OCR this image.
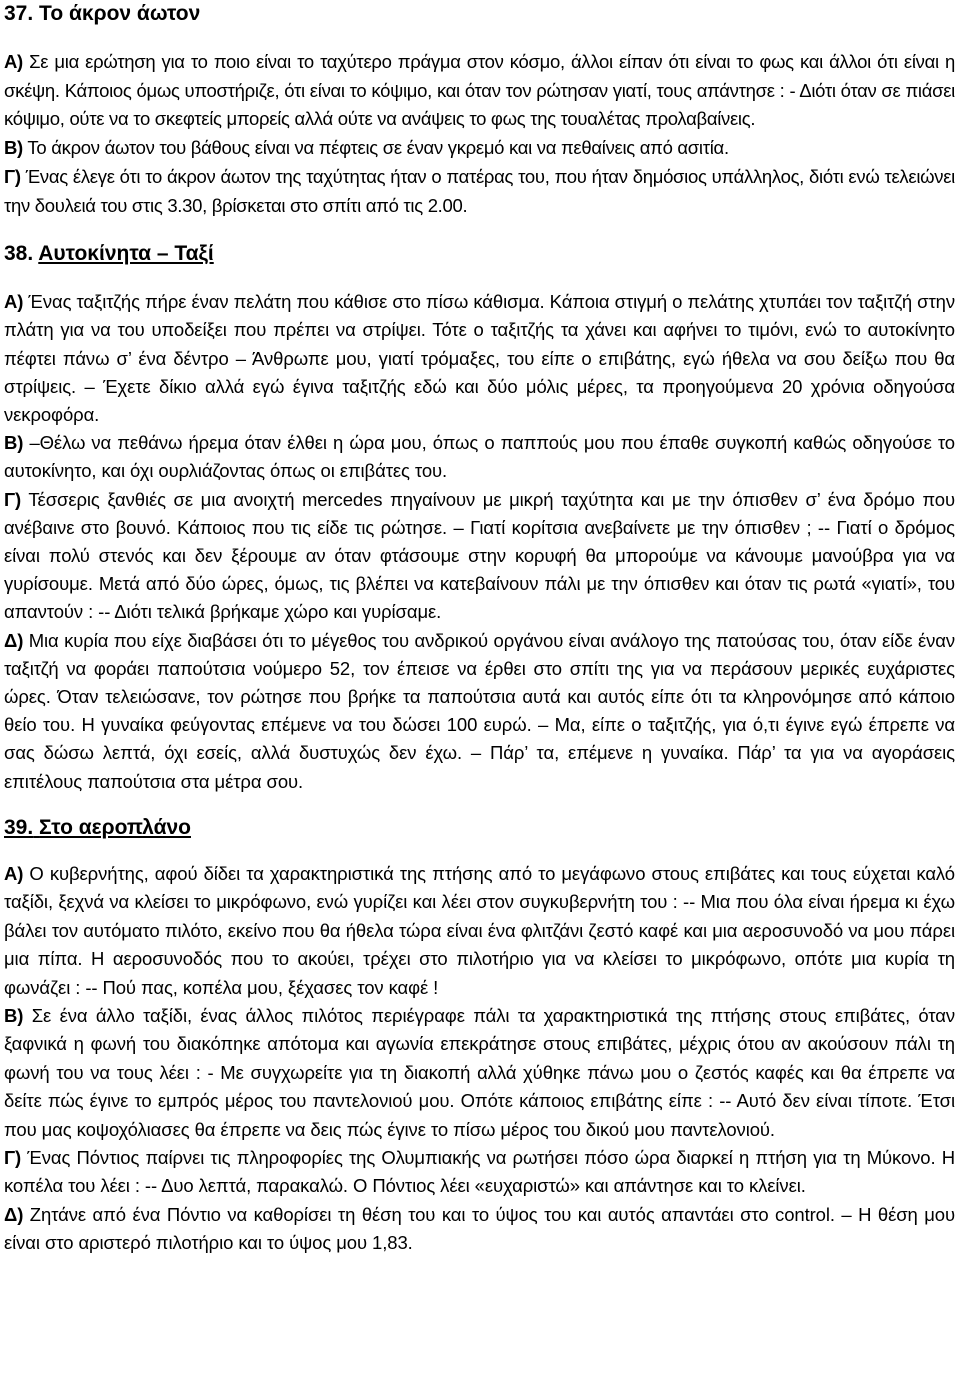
37. Το άκρον άωτον

Α) Σε μια ερώτηση για το ποιο είναι το ταχύτερο πράγμα στον κόσμο, άλλοι είπαν ότι είναι το φως και άλλοι ότι είναι η σκέψη. Κάποιος όμως υποστήριζε, ότι είναι το κόψιμο, και όταν τον ρώτησαν γιατί, τους απάντησε : - Διότι όταν σε πιάσει κόψιμο, ούτε να το σκεφτείς μπορείς αλλά ούτε να ανάψεις το φως της τουαλέτας προλαβαίνεις.

Β) Το άκρον άωτον του βάθους είναι να πέφτεις σε έναν γκρεμό και να πεθαίνεις από ασιτία.

Γ) Ένας έλεγε ότι το άκρον άωτον της ταχύτητας ήταν ο πατέρας του, που ήταν δημόσιος υπάλληλος, διότι ενώ τελειώνει την δουλειά του στις 3.30, βρίσκεται στο σπίτι από τις 2.00.

38. Αυτοκίνητα – Ταξί

Α) Ένας ταξιτζής πήρε έναν πελάτη που κάθισε στο πίσω κάθισμα. Κάποια στιγμή ο πελάτης χτυπάει τον ταξιτζή στην πλάτη για να του υποδείξει που πρέπει να στρίψει. Τότε ο ταξιτζής τα χάνει και αφήνει το τιμόνι, ενώ το αυτοκίνητο πέφτει πάνω σ’ ένα δέντρο – Άνθρωπε μου, γιατί τρόμαξες, του είπε ο επιβάτης, εγώ ήθελα να σου δείξω που θα στρίψεις. – Έχετε δίκιο αλλά εγώ έγινα ταξιτζής εδώ και δύο μόλις μέρες, τα προηγούμενα 20 χρόνια οδηγούσα νεκροφόρα.

Β) –Θέλω να πεθάνω ήρεμα όταν έλθει η ώρα μου, όπως ο παππούς μου που έπαθε συγκοπή καθώς οδηγούσε το αυτοκίνητο, και όχι ουρλιάζοντας όπως οι επιβάτες του.

Γ) Τέσσερις ξανθιές σε μια ανοιχτή mercedes πηγαίνουν με μικρή ταχύτητα και με την όπισθεν σ’ ένα δρόμο που ανέβαινε στο βουνό. Κάποιος που τις είδε τις ρώτησε. – Γιατί κορίτσια ανεβαίνετε με την όπισθεν ; -- Γιατί ο δρόμος είναι πολύ στενός και δεν ξέρουμε αν όταν φτάσουμε στην κορυφή θα μπορούμε να κάνουμε μανούβρα για να γυρίσουμε. Μετά από δύο ώρες, όμως, τις βλέπει να κατεβαίνουν πάλι με την όπισθεν και όταν τις ρωτά «γιατί», του απαντούν : -- Διότι τελικά βρήκαμε χώρο και γυρίσαμε.

Δ) Μια κυρία που είχε διαβάσει ότι το μέγεθος του ανδρικού οργάνου είναι ανάλογο της πατούσας του, όταν είδε έναν ταξιτζή να φοράει παπούτσια νούμερο 52, τον έπεισε να έρθει στο σπίτι της για να περάσουν μερικές ευχάριστες ώρες. Όταν τελειώσανε, τον ρώτησε που βρήκε τα παπούτσια αυτά και αυτός είπε ότι τα κληρονόμησε από κάποιο θείο του. Η γυναίκα φεύγοντας επέμενε να του δώσει 100 ευρώ. – Μα, είπε ο ταξιτζής, για ό,τι έγινε εγώ έπρεπε να σας δώσω λεπτά, όχι εσείς, αλλά δυστυχώς δεν έχω. – Πάρ’ τα, επέμενε η γυναίκα. Πάρ’ τα για να αγοράσεις επιτέλους παπούτσια στα μέτρα σου.

39. Στο αεροπλάνο

Α) Ο κυβερνήτης, αφού δίδει τα χαρακτηριστικά της πτήσης από το μεγάφωνο στους επιβάτες και τους εύχεται καλό ταξίδι, ξεχνά να κλείσει το μικρόφωνο, ενώ γυρίζει και λέει στον συγκυβερνήτη του : -- Μια που όλα είναι ήρεμα κι έχω βάλει τον αυτόματο πιλότο, εκείνο που θα ήθελα τώρα είναι ένα φλιτζάνι ζεστό καφέ και μια αεροσυνοδό να μου πάρει μια πίπα. Η αεροσυνοδός που το ακούει, τρέχει στο πιλοτήριο για να κλείσει το μικρόφωνο, οπότε μια κυρία τη φωνάζει : -- Πού πας, κοπέλα μου, ξέχασες τον καφέ !

Β) Σε ένα άλλο ταξίδι, ένας άλλος πιλότος περιέγραφε πάλι τα χαρακτηριστικά της πτήσης στους επιβάτες, όταν ξαφνικά η φωνή του διακόπηκε απότομα και αγωνία επεκράτησε στους επιβάτες, μέχρις ότου αν ακούσουν πάλι τη φωνή του να τους λέει : - Με συγχωρείτε για τη διακοπή αλλά χύθηκε πάνω μου ο ζεστός καφές και θα έπρεπε να δείτε πώς έγινε το εμπρός μέρος του παντελονιού μου. Οπότε κάποιος επιβάτης είπε : -- Αυτό δεν είναι τίποτε. Έτσι που μας κοψοχόλιασες θα έπρεπε να δεις πώς έγινε το πίσω μέρος του δικού μου παντελονιού.

Γ) Ένας Πόντιος παίρνει τις πληροφορίες της Ολυμπιακής να ρωτήσει πόσο ώρα διαρκεί η πτήση για τη Μύκονο. Η κοπέλα του λέει : -- Δυο λεπτά, παρακαλώ. Ο Πόντιος λέει «ευχαριστώ» και απάντησε και το κλείνει.

Δ) Ζητάνε από ένα Πόντιο να καθορίσει τη θέση του και το ύψος του και αυτός απαντάει στο control. – Η θέση μου είναι στο αριστερό πιλοτήριο και το ύψος μου 1,83.
